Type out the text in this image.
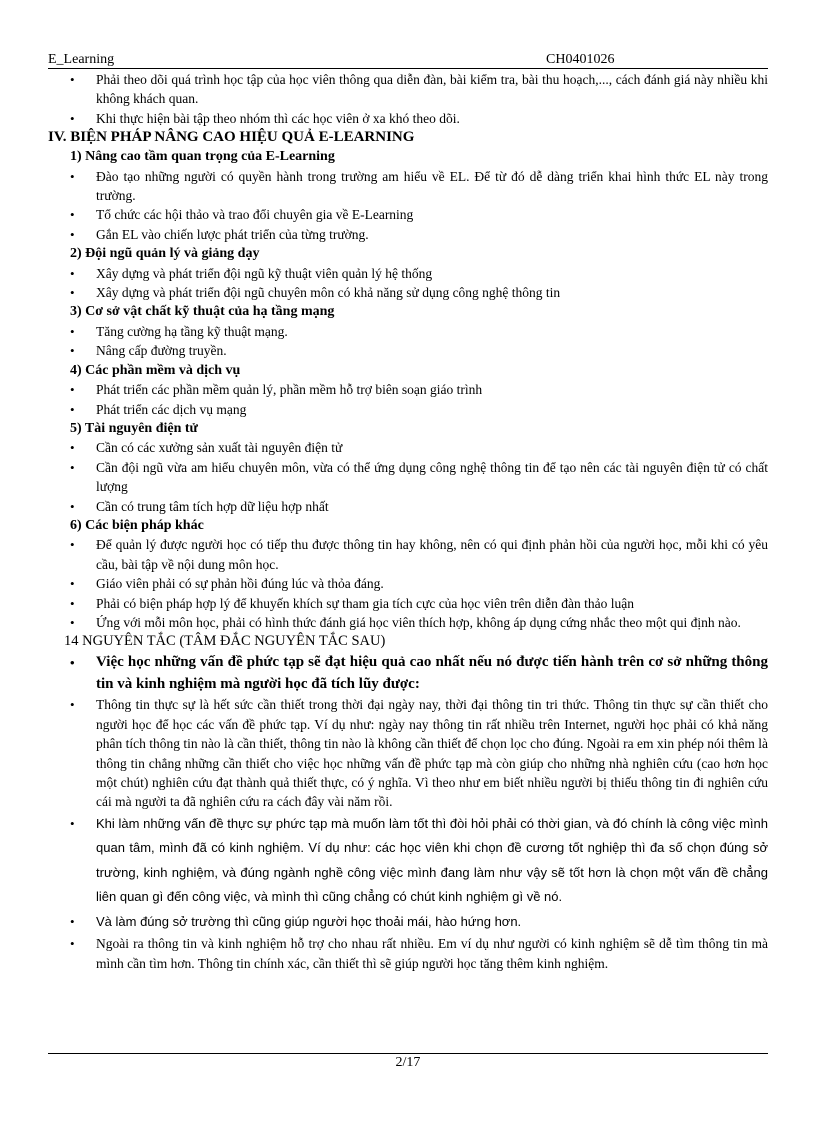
E_Learning	CH0401026
• Phải theo dõi quá trình học tập của học viên thông qua diễn đàn, bài kiểm tra, bài thu hoạch,..., cách đánh giá này nhiều khi không khách quan.
• Khi thực hiện bài tập theo nhóm thì các học viên ở xa khó theo dõi.
IV. BIỆN PHÁP NÂNG CAO HIỆU QUẢ E-LEARNING
1) Nâng cao tầm quan trọng của E-Learning
• Đào tạo những người có quyền hành trong trường am hiểu về EL. Để từ đó dễ dàng triển khai hình thức EL này trong trường.
• Tổ chức các hội thảo và trao đổi chuyên gia về E-Learning
• Gắn EL vào chiến lược phát triển của từng trường.
2) Đội ngũ quản lý và giảng dạy
• Xây dựng và phát triển đội ngũ kỹ thuật viên quản lý hệ thống
• Xây dựng và phát triển đội ngũ chuyên môn có khả năng sử dụng công nghệ thông tin
3) Cơ sở vật chất kỹ thuật của hạ tầng mạng
• Tăng cường hạ tầng kỹ thuật mạng.
• Nâng cấp đường truyền.
4) Các phần mềm và dịch vụ
• Phát triển các phần mềm quản lý, phần mềm hỗ trợ biên soạn giáo trình
• Phát triển các dịch vụ mạng
5) Tài nguyên điện tử
• Cần có các xưởng sản xuất tài nguyên điện tử
• Cần đội ngũ vừa am hiểu chuyên môn, vừa có thể ứng dụng công nghệ thông tin để tạo nên các tài nguyên điện tử có chất lượng
• Cần có trung tâm tích hợp dữ liệu hợp nhất
6) Các biện pháp khác
• Để quản lý được người học có tiếp thu được thông tin hay không, nên có qui định phản hồi của người học, mỗi khi có yêu cầu, bài tập về nội dung môn học.
• Giáo viên phải có sự phản hồi đúng lúc và thỏa đáng.
• Phải có biện pháp hợp lý để khuyến khích sự tham gia tích cực của học viên trên diễn đàn thảo luận
• Ứng với mỗi môn học, phải có hình thức đánh giá học viên thích hợp, không áp dụng cứng nhắc theo một qui định nào.
14 NGUYÊN TẮC (TÂM ĐẮC NGUYÊN TẮC SAU)
• Việc học những vấn đề phức tạp sẽ đạt hiệu quả cao nhất nếu nó được tiến hành trên cơ sở những thông tin và kinh nghiệm mà người học đã tích lũy được:
• Thông tin thực sự là hết sức cần thiết trong thời đại ngày nay, thời đại thông tin tri thức. Thông tin thực sự cần thiết cho người học để học các vấn đề phức tạp. Ví dụ như: ngày nay thông tin rất nhiều trên Internet, người học phải có khả năng phân tích thông tin nào là cần thiết, thông tin nào là không cần thiết để chọn lọc cho đúng. Ngoài ra em xin phép nói thêm là thông tin chẳng những cần thiết cho việc học những vấn đề phức tạp mà còn giúp cho những nhà nghiên cứu (cao hơn học một chút) nghiên cứu đạt thành quả thiết thực, có ý nghĩa. Vì theo như em biết nhiều người bị thiếu thông tin đi nghiên cứu cái mà người ta đã nghiên cứu ra cách đây vài năm rồi.
• Khi làm những vấn đề thực sự phức tạp mà muốn làm tốt thì đòi hỏi phải có thời gian, và đó chính là công việc mình quan tâm, mình đã có kinh nghiệm. Ví dụ như: các học viên khi chọn đề cương tốt nghiệp thì đa số chọn đúng sở trường, kinh nghiệm, và đúng ngành nghề công việc mình đang làm như vậy sẽ tốt hơn là chọn một vấn đề chẳng liên quan gì đến công việc, và mình thì cũng chẳng có chút kinh nghiệm gì về nó.
• Và làm đúng sở trường thì cũng giúp người học thoải mái, hào hứng hơn.
• Ngoài ra thông tin và kinh nghiệm hỗ trợ cho nhau rất nhiều. Em ví dụ như người có kinh nghiệm sẽ dễ tìm thông tin mà mình cần tìm hơn. Thông tin chính xác, cần thiết thì sẽ giúp người học tăng thêm kinh nghiệm.
2/17
